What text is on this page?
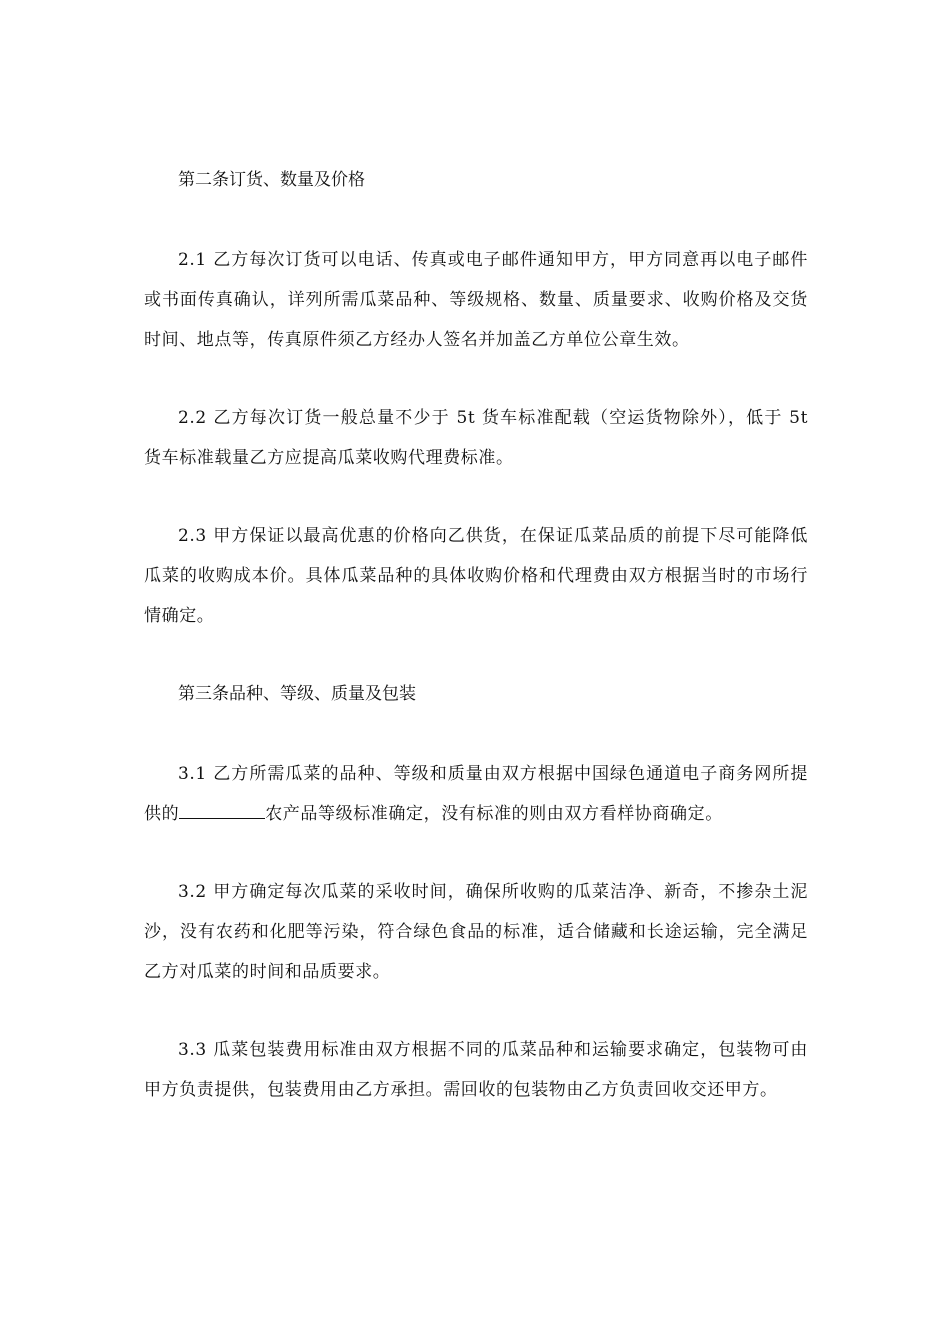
第二条订货、数量及价格

2.1 乙方每次订货可以电话、传真或电子邮件通知甲方，甲方同意再以电子邮件或书面传真确认，详列所需瓜菜品种、等级规格、数量、质量要求、收购价格及交货时间、地点等，传真原件须乙方经办人签名并加盖乙方单位公章生效。

2.2 乙方每次订货一般总量不少于 5t 货车标准配载（空运货物除外），低于 5t 货车标准载量乙方应提高瓜菜收购代理费标准。

2.3 甲方保证以最高优惠的价格向乙供货，在保证瓜菜品质的前提下尽可能降低瓜菜的收购成本价。具体瓜菜品种的具体收购价格和代理费由双方根据当时的市场行情确定。

第三条品种、等级、质量及包装

3.1 乙方所需瓜菜的品种、等级和质量由双方根据中国绿色通道电子商务网所提供的	农产品等级标准确定，没有标准的则由双方看样协商确定。

3.2 甲方确定每次瓜菜的采收时间，确保所收购的瓜菜洁净、新奇，不掺杂土泥沙，没有农药和化肥等污染，符合绿色食品的标准，适合储藏和长途运输，完全满足乙方对瓜菜的时间和品质要求。

3.3 瓜菜包装费用标准由双方根据不同的瓜菜品种和运输要求确定，包装物可由甲方负责提供，包装费用由乙方承担。需回收的包装物由乙方负责回收交还甲方。
